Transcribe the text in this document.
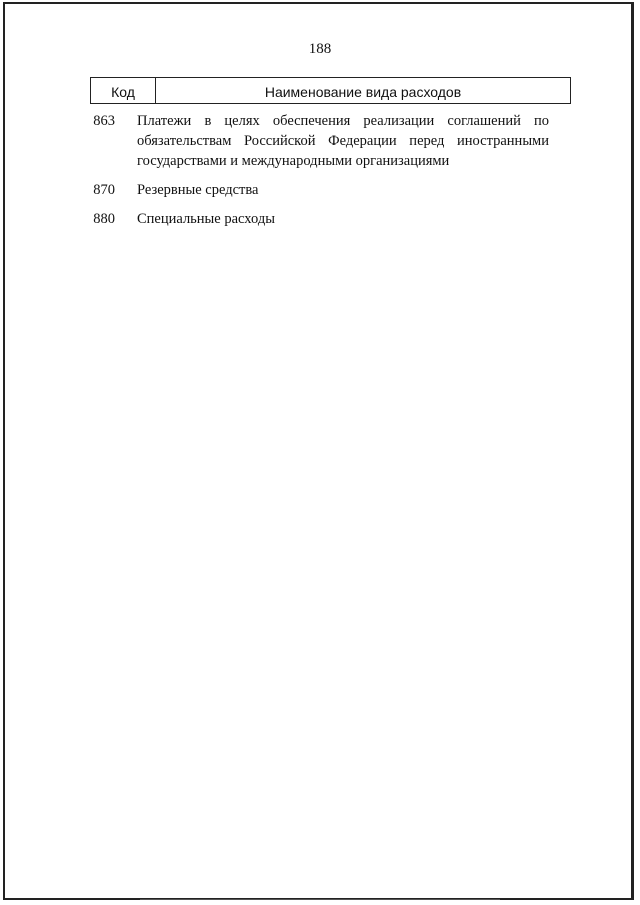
188
Код	Наименование вида расходов
863	Платежи в целях обеспечения реализации соглашений по обязательствам Российской Федерации перед иностранными государствами и международными организациями
870	Резервные средства
880	Специальные расходы
